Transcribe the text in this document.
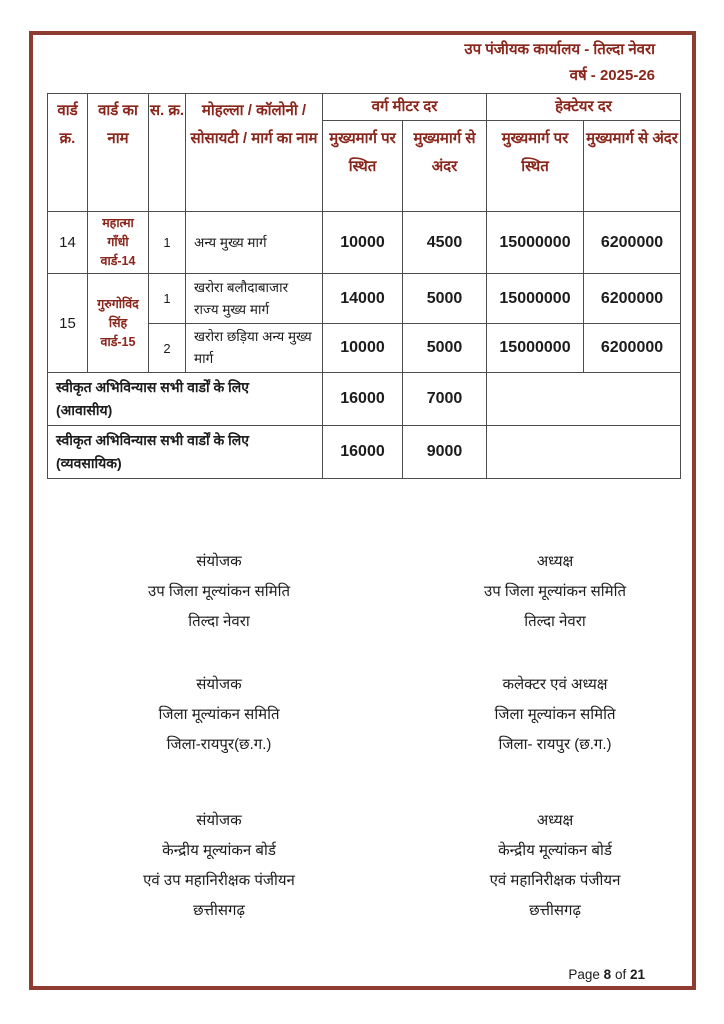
उप पंजीयक कार्यालय - तिल्दा नेवरा
वर्ष - 2025-26
वार्ड क्र.	वार्ड का नाम	स. क्र.	मोहल्ला / कॉलोनी / सोसायटी / मार्ग का नाम	वर्ग मीटर दर		हेक्टेयर दर	
				मुख्यमार्ग पर स्थित	मुख्यमार्ग से अंदर	मुख्यमार्ग पर स्थित	मुख्यमार्ग से अंदर
14	महात्मा गाँधी वार्ड-14	1	अन्य मुख्य मार्ग	10000	4500	15000000	6200000
15	गुरुगोविंद सिंह वार्ड-15	1	खरोरा बलौदाबाजार राज्य मुख्य मार्ग	14000	5000	15000000	6200000
		2	खरोरा छड़िया अन्य मुख्य मार्ग	10000	5000	15000000	6200000
स्वीकृत अभिविन्यास सभी वार्डों के लिए
(आवासीय)				16000	7000		
स्वीकृत अभिविन्यास सभी वार्डों के लिए
(व्यवसायिक)				16000	9000		
संयोजक
उप जिला मूल्यांकन समिति
तिल्दा नेवरा
अध्यक्ष
उप जिला मूल्यांकन समिति
तिल्दा नेवरा
संयोजक
जिला मूल्यांकन समिति
जिला-रायपुर(छ.ग.)
कलेक्टर एवं अध्यक्ष
जिला मूल्यांकन समिति
जिला- रायपुर (छ.ग.)
संयोजक
केन्द्रीय मूल्यांकन बोर्ड
एवं उप महानिरीक्षक पंजीयन
छत्तीसगढ़
अध्यक्ष
केन्द्रीय मूल्यांकन बोर्ड
एवं महानिरीक्षक पंजीयन
छत्तीसगढ़
Page 8 of 21
